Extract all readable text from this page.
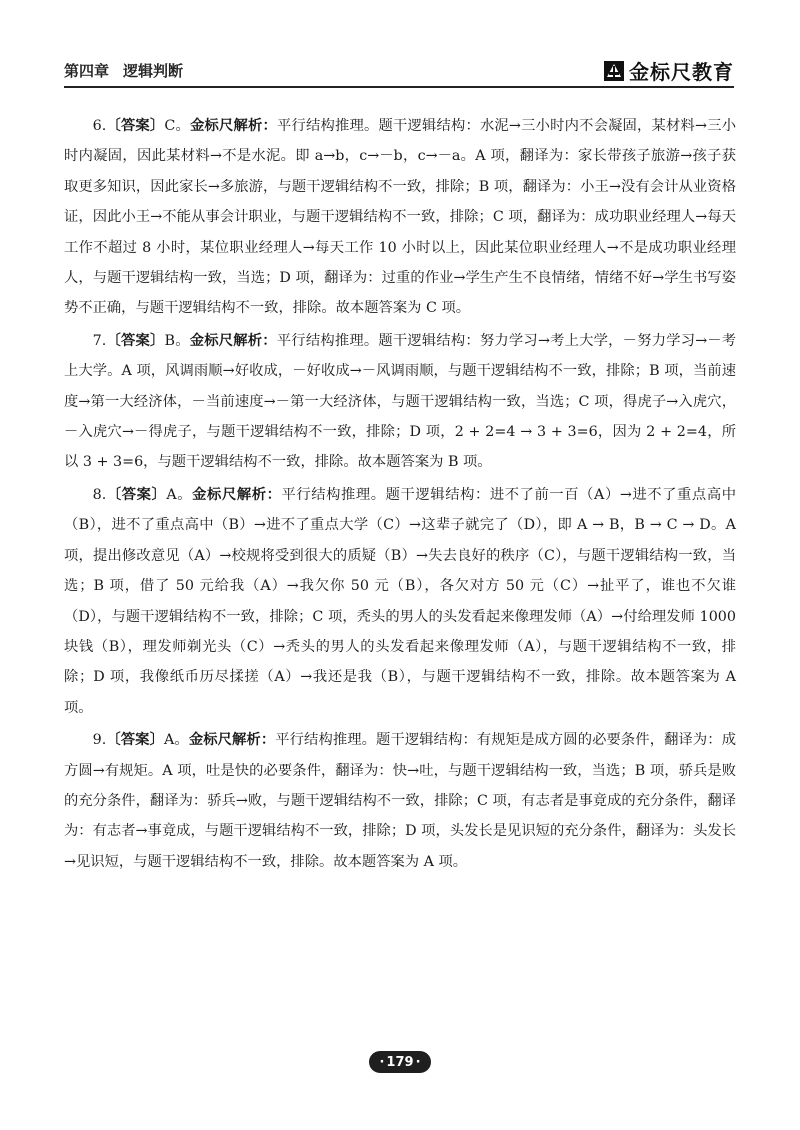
第四章 逻辑判断	金标尺教育

6.〔答案〕C。金标尺解析：平行结构推理。题干逻辑结构：水泥→三小时内不会凝固，某材料→三小时内凝固，因此某材料→不是水泥。即 a→b，c→－b，c→－a。A 项，翻译为：家长带孩子旅游→孩子获取更多知识，因此家长→多旅游，与题干逻辑结构不一致，排除；B 项，翻译为：小王→没有会计从业资格证，因此小王→不能从事会计职业，与题干逻辑结构不一致，排除；C 项，翻译为：成功职业经理人→每天工作不超过 8 小时，某位职业经理人→每天工作 10 小时以上，因此某位职业经理人→不是成功职业经理人，与题干逻辑结构一致，当选；D 项，翻译为：过重的作业→学生产生不良情绪，情绪不好→学生书写姿势不正确，与题干逻辑结构不一致，排除。故本题答案为 C 项。

7.〔答案〕B。金标尺解析：平行结构推理。题干逻辑结构：努力学习→考上大学，－努力学习→－考上大学。A 项，风调雨顺→好收成，－好收成→－风调雨顺，与题干逻辑结构不一致，排除；B 项，当前速度→第一大经济体，－当前速度→－第一大经济体，与题干逻辑结构一致，当选；C 项，得虎子→入虎穴，－入虎穴→－得虎子，与题干逻辑结构不一致，排除；D 项，2 + 2=4 → 3 + 3=6，因为 2 + 2=4，所以 3 + 3=6，与题干逻辑结构不一致，排除。故本题答案为 B 项。

8.〔答案〕A。金标尺解析：平行结构推理。题干逻辑结构：进不了前一百（A）→进不了重点高中（B），进不了重点高中（B）→进不了重点大学（C）→这辈子就完了（D），即 A → B，B → C → D。A 项，提出修改意见（A）→校规将受到很大的质疑（B）→失去良好的秩序（C），与题干逻辑结构一致，当选；B 项，借了 50 元给我（A）→我欠你 50 元（B），各欠对方 50 元（C）→扯平了，谁也不欠谁（D），与题干逻辑结构不一致，排除；C 项，秃头的男人的头发看起来像理发师（A）→付给理发师 1000 块钱（B），理发师剃光头（C）→秃头的男人的头发看起来像理发师（A），与题干逻辑结构不一致，排除；D 项，我像纸币历尽揉搓（A）→我还是我（B），与题干逻辑结构不一致，排除。故本题答案为 A 项。

9.〔答案〕A。金标尺解析：平行结构推理。题干逻辑结构：有规矩是成方圆的必要条件，翻译为：成方圆→有规矩。A 项，吐是快的必要条件，翻译为：快→吐，与题干逻辑结构一致，当选；B 项，骄兵是败的充分条件，翻译为：骄兵→败，与题干逻辑结构不一致，排除；C 项，有志者是事竟成的充分条件，翻译为：有志者→事竟成，与题干逻辑结构不一致，排除；D 项，头发长是见识短的充分条件，翻译为：头发长→见识短，与题干逻辑结构不一致，排除。故本题答案为 A 项。

· 179 ·
